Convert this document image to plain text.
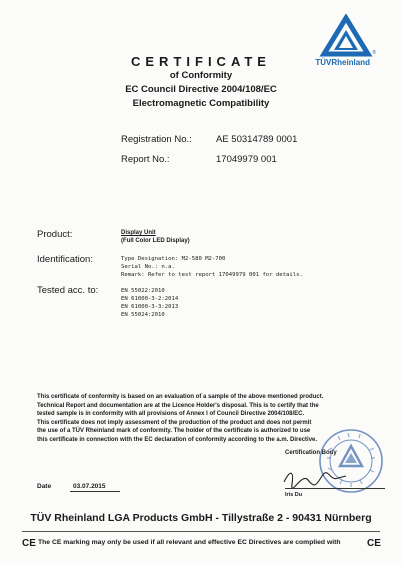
®
TÜVRheinland
CERTIFICATE
of Conformity
EC Council Directive 2004/108/EC
Electromagnetic Compatibility
Registration No.:	AE 50314789 0001
Report No.:	17049979 001
Product:	Display Unit
(Full Color LED Display)
Identification:	Type Designation: M2-580 M2-700
Serial No.: n.a.
Remark: Refer to test report 17049979 001 for details.
Tested acc. to:	EN 55022:2010
EN 61000-3-2:2014
EN 61000-3-3:2013
EN 55024:2010
This certificate of conformity is based on an evaluation of a sample of the above mentioned product.
Technical Report and documentation are at the Licence Holder's disposal. This is to certify that the
tested sample is in conformity with all provisions of Annex I of Council Directive 2004/108/EC.
This certificate does not imply assessment of the production of the product and does not permit
the use of a TÜV Rheinland mark of conformity. The holder of the certificate is authorized to use
this certificate in connection with the EC declaration of conformity according to the a.m. Directive.
Certification Body
Date	03.07.2015
Iris Du
TÜV Rheinland LGA Products GmbH - Tillystraße 2 - 90431 Nürnberg
CE The CE marking may only be used if all relevant and effective EC Directives are complied with	CE
